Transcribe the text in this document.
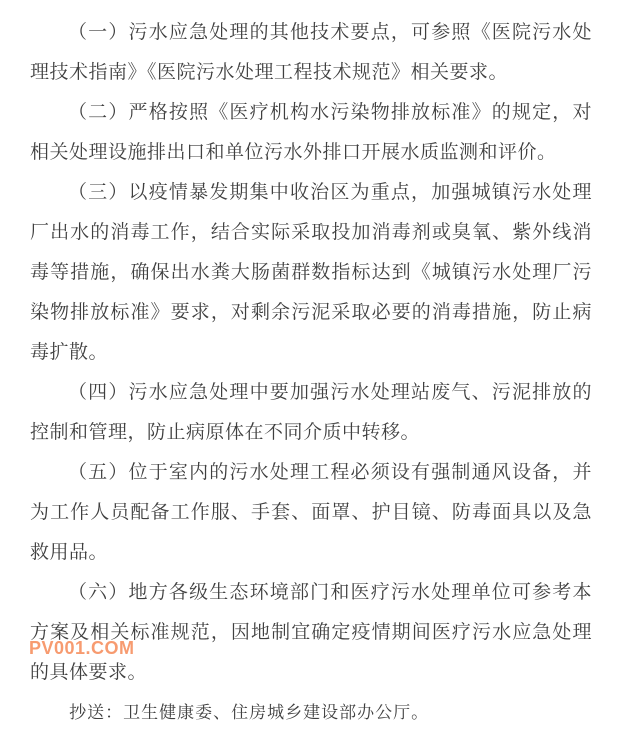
（一）污水应急处理的其他技术要点，可参照《医院污水处理技术指南》《医院污水处理工程技术规范》相关要求。

（二）严格按照《医疗机构水污染物排放标准》的规定，对相关处理设施排出口和单位污水外排口开展水质监测和评价。

（三）以疫情暴发期集中收治区为重点，加强城镇污水处理厂出水的消毒工作，结合实际采取投加消毒剂或臭氧、紫外线消毒等措施，确保出水粪大肠菌群数指标达到《城镇污水处理厂污染物排放标准》要求，对剩余污泥采取必要的消毒措施，防止病毒扩散。

（四）污水应急处理中要加强污水处理站废气、污泥排放的控制和管理，防止病原体在不同介质中转移。

（五）位于室内的污水处理工程必须设有强制通风设备，并为工作人员配备工作服、手套、面罩、护目镜、防毒面具以及急救用品。

（六）地方各级生态环境部门和医疗污水处理单位可参考本方案及相关标准规范，因地制宜确定疫情期间医疗污水应急处理的具体要求。

抄送：卫生健康委、住房城乡建设部办公厅。

PV001.COM
